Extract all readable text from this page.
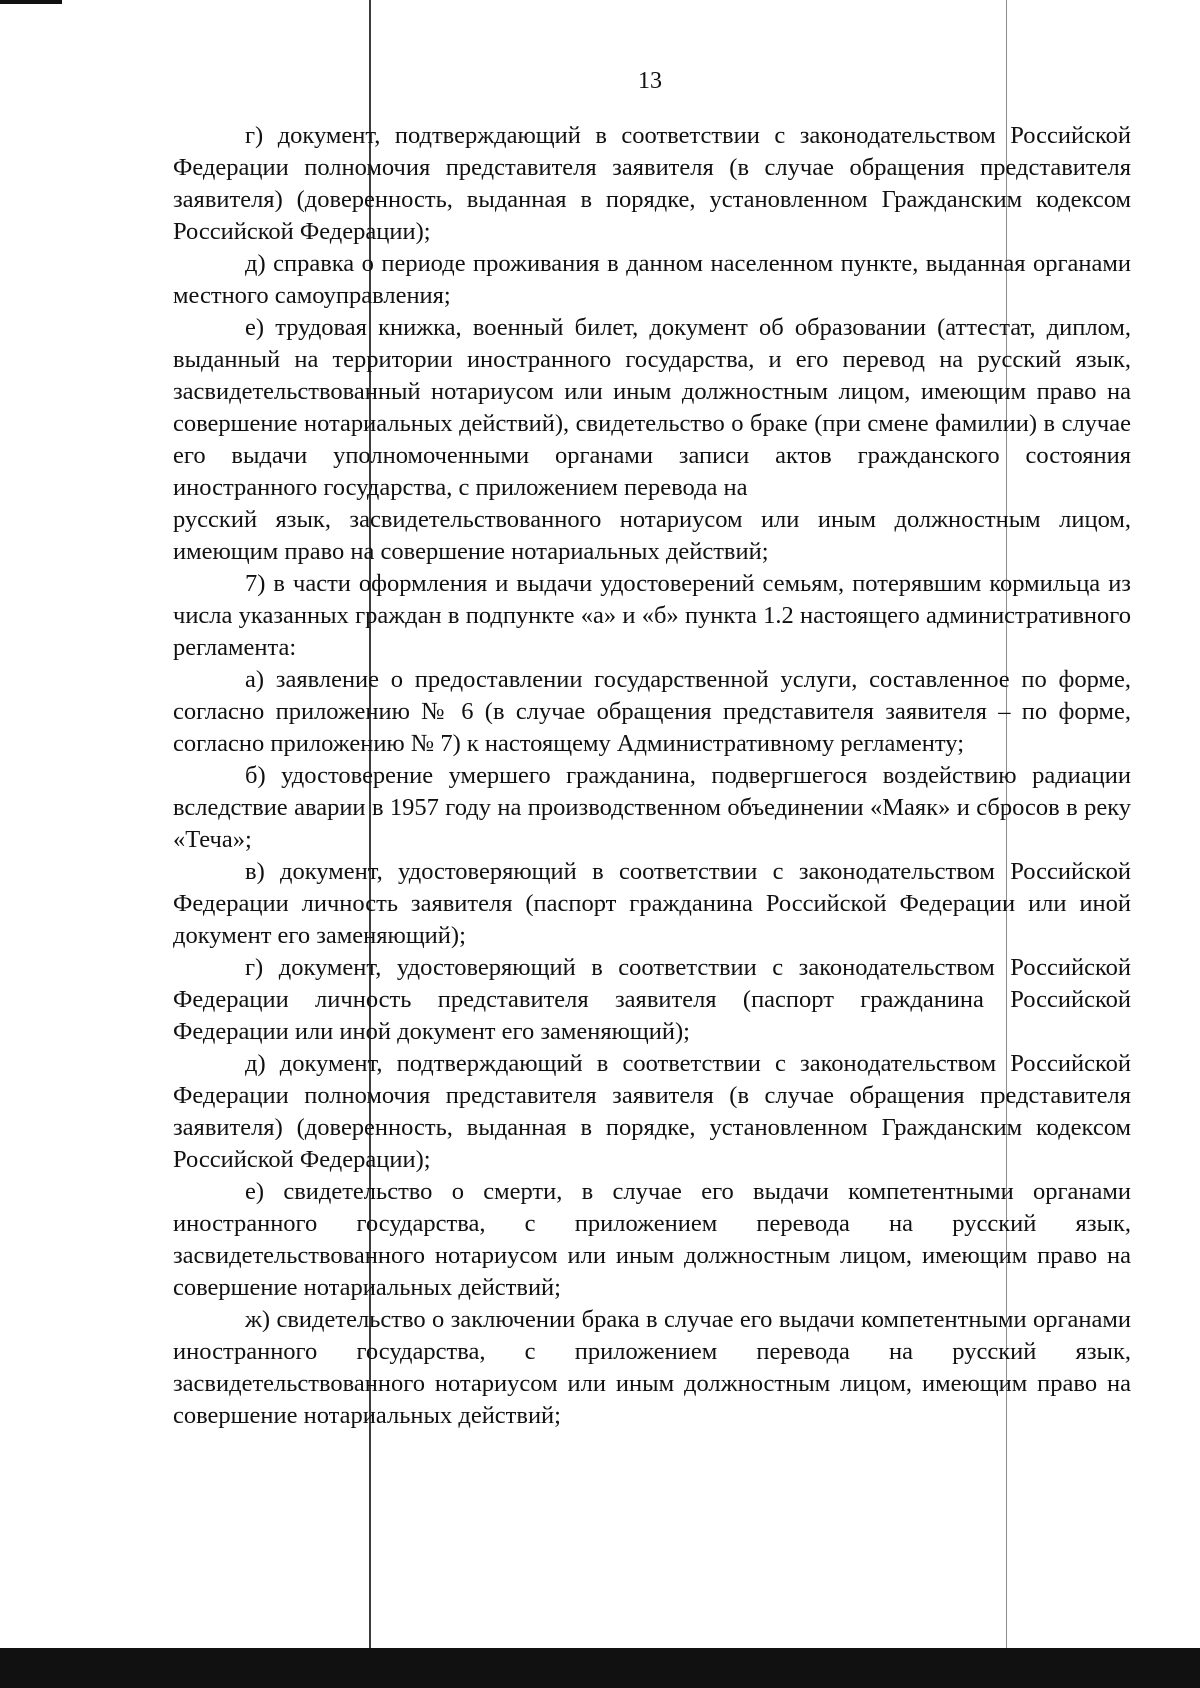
13

г) документ, подтверждающий в соответствии с законодательством Российской Федерации полномочия представителя заявителя (в случае обращения представителя заявителя) (доверенность, выданная в порядке, установленном Гражданским кодексом Российской Федерации);

д) справка о периоде проживания в данном населенном пункте, выданная органами местного самоуправления;

е) трудовая книжка, военный билет, документ об образовании (аттестат, диплом, выданный на территории иностранного государства, и его перевод на русский язык, засвидетельствованный нотариусом или иным должностным лицом, имеющим право на совершение нотариальных действий), свидетельство о браке (при смене фамилии) в случае его выдачи уполномоченными органами записи актов гражданского состояния иностранного государства, с приложением перевода на

русский язык, засвидетельствованного нотариусом или иным должностным лицом, имеющим право на совершение нотариальных действий;

7) в части оформления и выдачи удостоверений семьям, потерявшим кормильца из числа указанных граждан в подпункте «а» и «б» пункта 1.2 настоящего административного регламента:

а) заявление о предоставлении государственной услуги, составленное по форме, согласно приложению № 6 (в случае обращения представителя заявителя – по форме, согласно приложению № 7) к настоящему Административному регламенту;

б) удостоверение умершего гражданина, подвергшегося воздействию радиации вследствие аварии в 1957 году на производственном объединении «Маяк» и сбросов в реку «Теча»;

в) документ, удостоверяющий в соответствии с законодательством Российской Федерации личность заявителя (паспорт гражданина Российской Федерации или иной документ его заменяющий);

г) документ, удостоверяющий в соответствии с законодательством Российской Федерации личность представителя заявителя (паспорт гражданина Российской Федерации или иной документ его заменяющий);

д) документ, подтверждающий в соответствии с законодательством Российской Федерации полномочия представителя заявителя (в случае обращения представителя заявителя) (доверенность, выданная в порядке, установленном Гражданским кодексом Российской Федерации);

е) свидетельство о смерти, в случае его выдачи компетентными органами иностранного государства, с приложением перевода на русский язык, засвидетельствованного нотариусом или иным должностным лицом, имеющим право на совершение нотариальных действий;

ж) свидетельство о заключении брака в случае его выдачи компетентными органами иностранного государства, с приложением перевода на русский язык, засвидетельствованного нотариусом или иным должностным лицом, имеющим право на совершение нотариальных действий;
